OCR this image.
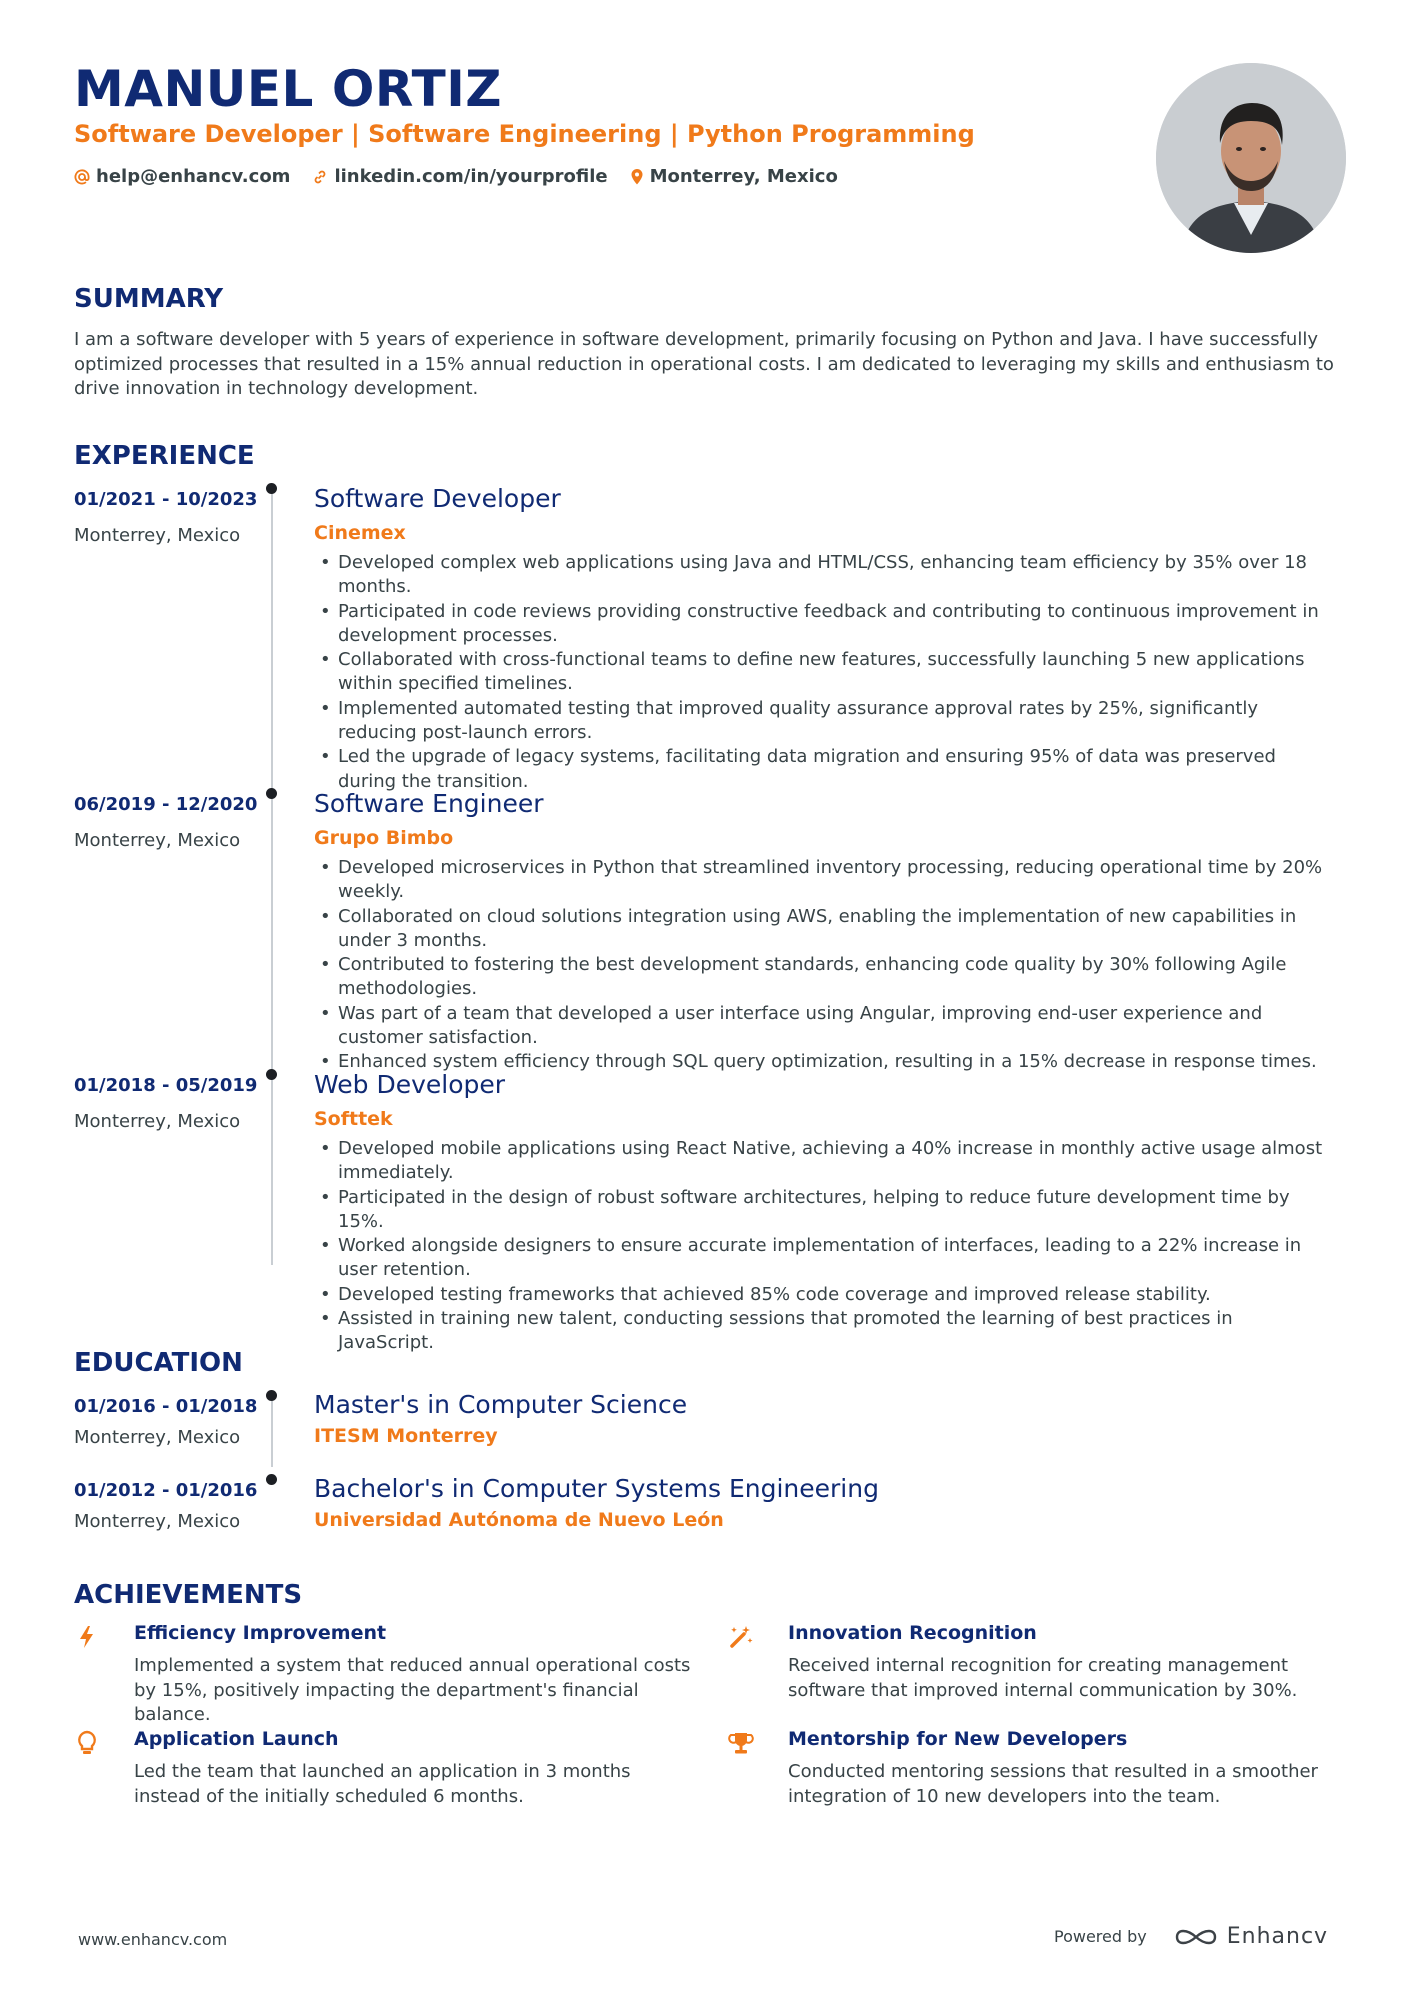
MANUEL ORTIZ
Software Developer | Software Engineering | Python Programming
help@enhancv.com linkedin.com/in/yourprofile Monterrey, Mexico
SUMMARY
I am a software developer with 5 years of experience in software development, primarily focusing on Python and Java. I have successfully optimized processes that resulted in a 15% annual reduction in operational costs. I am dedicated to leveraging my skills and enthusiasm to drive innovation in technology development.
EXPERIENCE
01/2021 - 10/2023
Monterrey, Mexico
Software Developer
Cinemex
• Developed complex web applications using Java and HTML/CSS, enhancing team efficiency by 35% over 18 months.
• Participated in code reviews providing constructive feedback and contributing to continuous improvement in development processes.
• Collaborated with cross-functional teams to define new features, successfully launching 5 new applications within specified timelines.
• Implemented automated testing that improved quality assurance approval rates by 25%, significantly reducing post-launch errors.
• Led the upgrade of legacy systems, facilitating data migration and ensuring 95% of data was preserved during the transition.
06/2019 - 12/2020
Monterrey, Mexico
Software Engineer
Grupo Bimbo
• Developed microservices in Python that streamlined inventory processing, reducing operational time by 20% weekly.
• Collaborated on cloud solutions integration using AWS, enabling the implementation of new capabilities in under 3 months.
• Contributed to fostering the best development standards, enhancing code quality by 30% following Agile methodologies.
• Was part of a team that developed a user interface using Angular, improving end-user experience and customer satisfaction.
• Enhanced system efficiency through SQL query optimization, resulting in a 15% decrease in response times.
01/2018 - 05/2019
Monterrey, Mexico
Web Developer
Softtek
• Developed mobile applications using React Native, achieving a 40% increase in monthly active usage almost immediately.
• Participated in the design of robust software architectures, helping to reduce future development time by 15%.
• Worked alongside designers to ensure accurate implementation of interfaces, leading to a 22% increase in user retention.
• Developed testing frameworks that achieved 85% code coverage and improved release stability.
• Assisted in training new talent, conducting sessions that promoted the learning of best practices in JavaScript.
EDUCATION
01/2016 - 01/2018
Monterrey, Mexico
Master's in Computer Science
ITESM Monterrey
01/2012 - 01/2016
Monterrey, Mexico
Bachelor's in Computer Systems Engineering
Universidad Autónoma de Nuevo León
ACHIEVEMENTS
Efficiency Improvement
Implemented a system that reduced annual operational costs by 15%, positively impacting the department's financial balance.
Innovation Recognition
Received internal recognition for creating management software that improved internal communication by 30%.
Application Launch
Led the team that launched an application in 3 months instead of the initially scheduled 6 months.
Mentorship for New Developers
Conducted mentoring sessions that resulted in a smoother integration of 10 new developers into the team.
www.enhancv.com	Powered by	Enhancv
